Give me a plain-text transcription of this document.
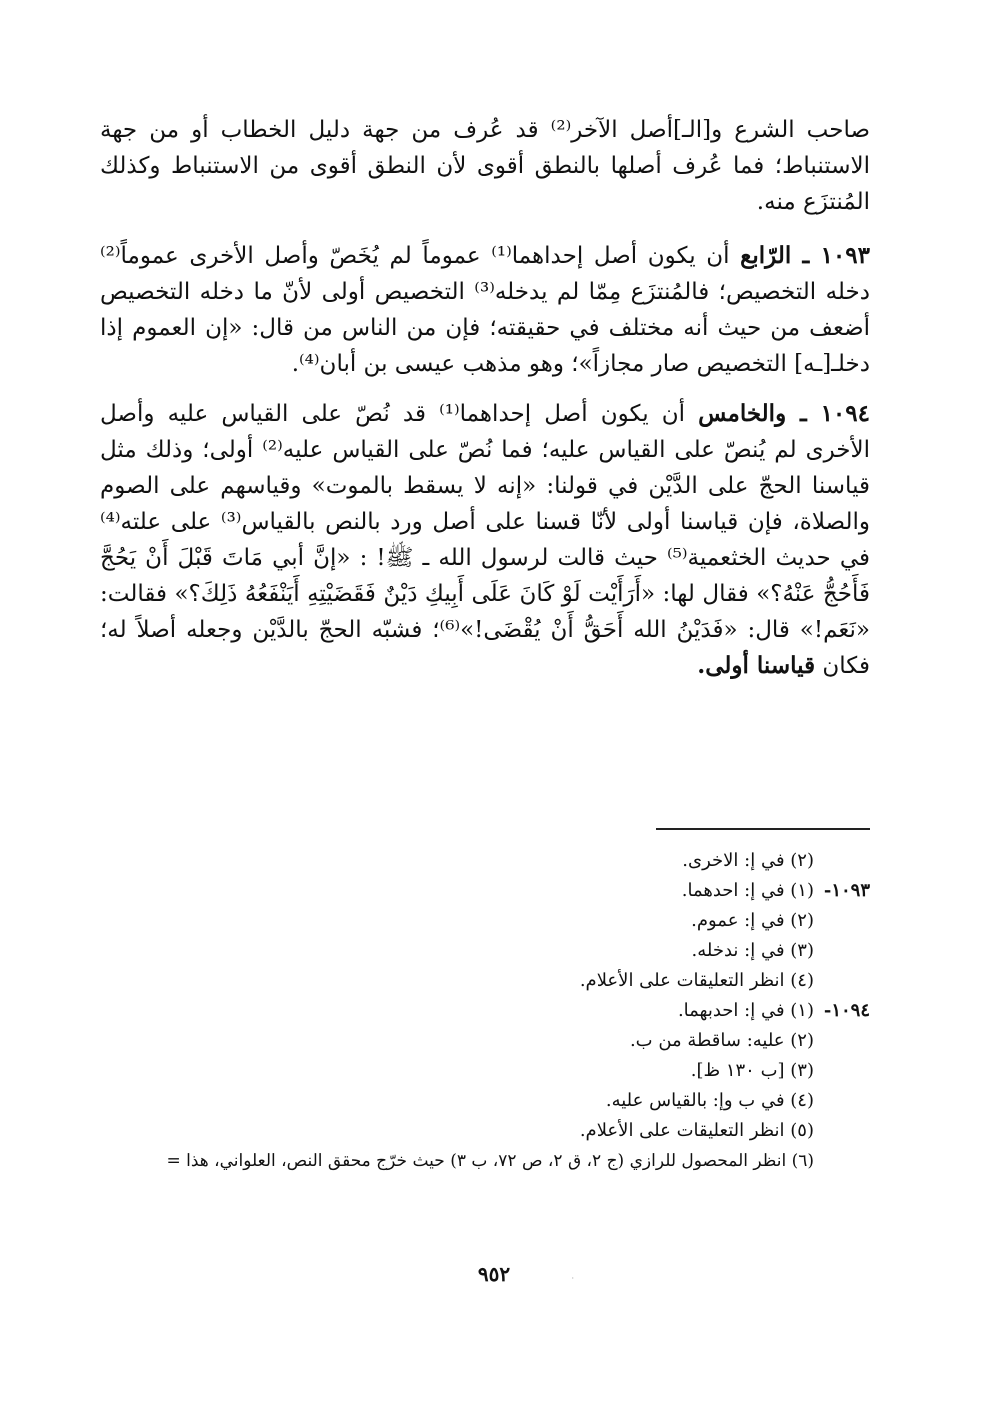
صاحب الشرع و[الـ]أصل الآخر⁽²⁾ قد عُرف من جهة دليل الخطاب أو من جهة الاستنباط؛ فما عُرف أصلها بالنطق أقوى لأن النطق أقوى من الاستنباط وكذلك المُنتزَع منه.

١٠٩٣ ـ الرّابع أن يكون أصل إحداهما⁽¹⁾ عموماً لم يُخَصّ وأصل الأخرى عموماً⁽²⁾ دخله التخصيص؛ فالمُنتزَع مِمّا لم يدخله⁽³⁾ التخصيص أولى لأنّ ما دخله التخصيص أضعف من حيث أنه مختلف في حقيقته؛ فإن من الناس من قال: «إن العموم إذا دخلـ[ـه] التخصيص صار مجازاً»؛ وهو مذهب عيسى بن أبان⁽⁴⁾.

١٠٩٤ ـ والخامس أن يكون أصل إحداهما⁽¹⁾ قد نُصّ على القياس عليه وأصل الأخرى لم يُنصّ على القياس عليه؛ فما نُصّ على القياس عليه⁽²⁾ أولى؛ وذلك مثل قياسنا الحجّ على الدَّيْن في قولنا: «إنه لا يسقط بالموت» وقياسهم على الصوم والصلاة، فإن قياسنا أولى لأنّا قسنا على أصل ورد بالنص بالقياس⁽³⁾ على علته⁽⁴⁾ في حديث الخثعمية⁽⁵⁾ حيث قالت لرسول الله ـ ﷺ! : «إنَّ أبي مَاتَ قَبْلَ أَنْ يَحُجَّ فَأَحُجُّ عَنْهُ؟» فقال لها: «أَرَأَيْت لَوْ كَانَ عَلَى أَبِيكِ دَيْنٌ فَقَضَيْتِهِ أَيَنْفَعُهُ ذَلِكَ؟» فقالت: «نَعَم!» قال: «فَدَيْنُ الله أَحَقُّ أَنْ يُقْضَى!»⁽⁶⁾؛ فشبّه الحجّ بالدَّيْن وجعله أصلاً له؛ فكان قياسنا أولى.

(٢) في إ: الاخرى.
١٠٩٣-
(١) في إ: احدهما.
(٢) في إ: عموم.
(٣) في إ: ندخله.
(٤) انظر التعليقات على الأعلام.
١٠٩٤-
(١) في إ: احدبهما.
(٢) عليه: ساقطة من ب.
(٣) [ب ١٣٠ ظ].
(٤) في ب وإ: بالقياس عليه.
(٥) انظر التعليقات على الأعلام.
(٦) انظر المحصول للرازي (ج ٢، ق ٢، ص ٧٢، ب ٣) حيث خرّج محقق النص، العلواني، هذا =
٩٥٢	·
